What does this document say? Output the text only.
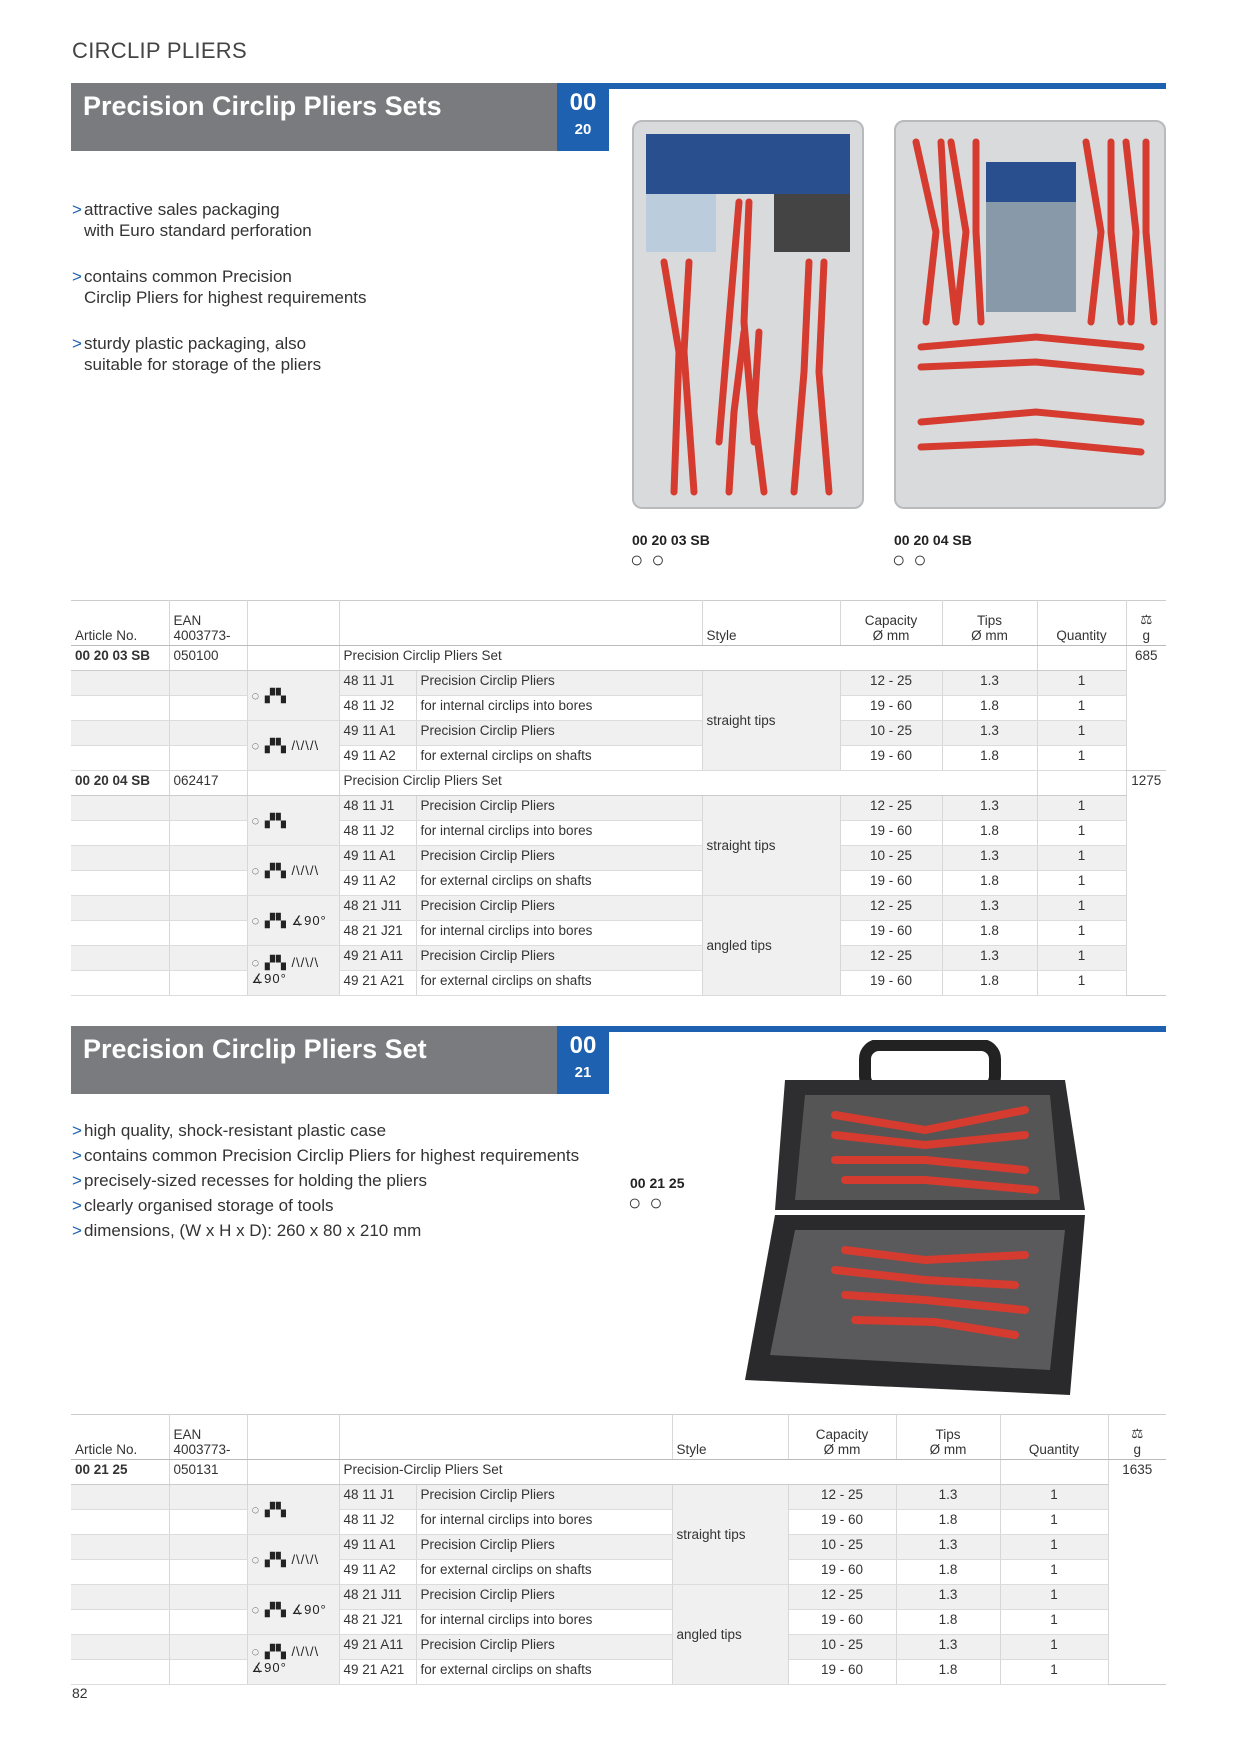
CIRCLIP PLIERS
Precision Circlip Pliers Sets	00
20

> attractive sales packaging
with Euro standard perforation

> contains common Precision
Circlip Pliers for highest requirements

> sturdy plastic packaging, also
suitable for storage of the pliers

00 20 03 SB
○○
00 20 04 SB
○○
Article No.	EAN
4003773-				Style	Capacity
Ø mm	Tips
Ø mm	Quantity	⚖
g
00 20 03 SB	050100		Precision Circlip Pliers Set						685
		◌ ▞▚	48 11 J1	Precision Circlip Pliers	straight tips	12 - 25	1.3	1	
			48 11 J2	for internal circlips into bores		19 - 60	1.8	1	
		◌ ▞▚ /\/\/\	49 11 A1	Precision Circlip Pliers		10 - 25	1.3	1	
			49 11 A2	for external circlips on shafts		19 - 60	1.8	1	
00 20 04 SB	062417		Precision Circlip Pliers Set						1275
		◌ ▞▚	48 11 J1	Precision Circlip Pliers	straight tips	12 - 25	1.3	1	
			48 11 J2	for internal circlips into bores		19 - 60	1.8	1	
		◌ ▞▚ /\/\/\	49 11 A1	Precision Circlip Pliers		10 - 25	1.3	1	
			49 11 A2	for external circlips on shafts		19 - 60	1.8	1	
		◌ ▞▚ ∡90°	48 21 J11	Precision Circlip Pliers	angled tips	12 - 25	1.3	1	
			48 21 J21	for internal circlips into bores		19 - 60	1.8	1	
		◌ ▞▚ /\/\/\
∡90°	49 21 A11	Precision Circlip Pliers		12 - 25	1.3	1	
			49 21 A21	for external circlips on shafts		19 - 60	1.8	1	
Precision Circlip Pliers Set	00
21
> high quality, shock-resistant plastic case
> contains common Precision Circlip Pliers for highest requirements
> precisely-sized recesses for holding the pliers
> clearly organised storage of tools
> dimensions, (W x H x D): 260 x 80 x 210 mm
00 21 25
○○
Article No.	EAN
4003773-				Style	Capacity
Ø mm	Tips
Ø mm	Quantity	⚖
g
00 21 25	050131		Precision-Circlip Pliers Set						1635
		◌ ▞▚	48 11 J1	Precision Circlip Pliers	straight tips	12 - 25	1.3	1	
			48 11 J2	for internal circlips into bores		19 - 60	1.8	1	
		◌ ▞▚ /\/\/\	49 11 A1	Precision Circlip Pliers		10 - 25	1.3	1	
			49 11 A2	for external circlips on shafts		19 - 60	1.8	1	
		◌ ▞▚ ∡90°	48 21 J11	Precision Circlip Pliers	angled tips	12 - 25	1.3	1	
			48 21 J21	for internal circlips into bores		19 - 60	1.8	1	
		◌ ▞▚ /\/\/\
∡90°	49 21 A11	Precision Circlip Pliers		10 - 25	1.3	1	
			49 21 A21	for external circlips on shafts		19 - 60	1.8	1	
82
